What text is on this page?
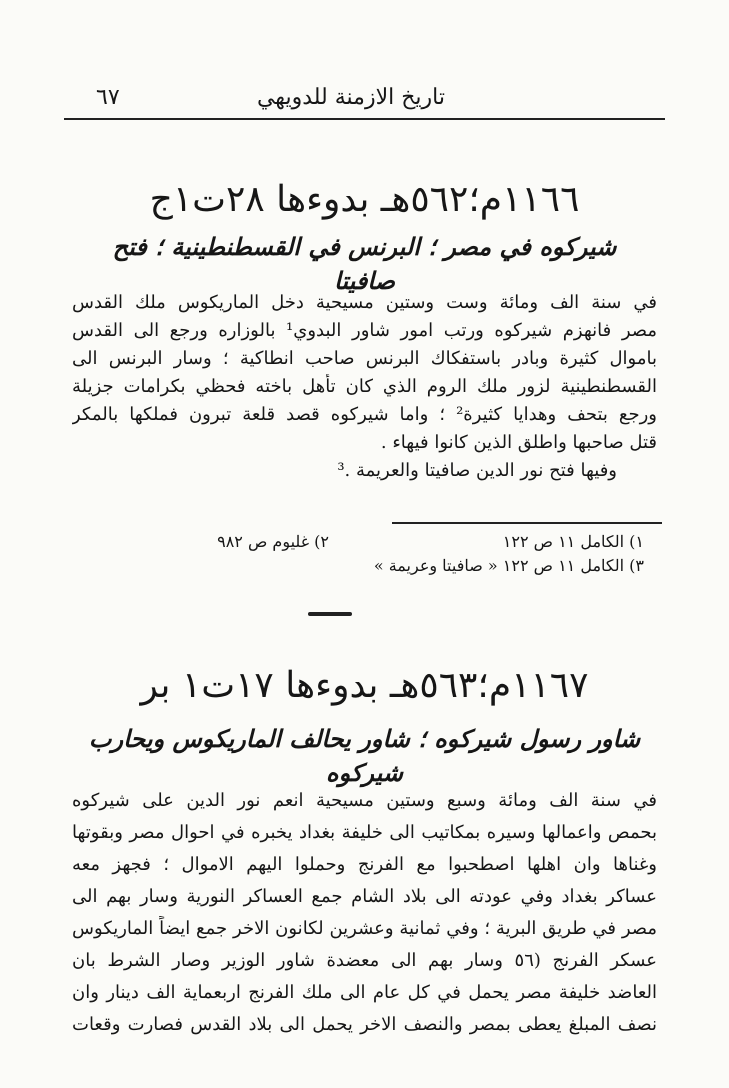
تاريخ الازمنة للدويهي
٦٧
١١٦٦م؛٥٦٢هـ بدوءها ٢٨ت١ج
شيركوه في مصر ؛ البرنس في القسطنطينية ؛ فتح صافيتا
في سنة الف ومائة وست وستين مسيحية دخل الماريكوس ملك القدس
مصر فانهزم شيركوه ورتب امور شاور البدوي¹ بالوزاره ورجع الى القدس
باموال كثيرة وبادر باستفكاك البرنس صاحب انطاكية ؛ وسار البرنس الى
القسطنطينية لزور ملك الروم الذي كان تأهل باخته فحظي بكرامات جزيلة
ورجع بتحف وهدايا كثيرة² ؛ واما شيركوه قصد قلعة تبرون فملكها بالمكر
قتل صاحبها واطلق الذين كانوا فيهاء .
وفيها فتح نور الدين صافيتا والعريمة .³
١) الكامل ١١ ص ١٢٢
٢) غليوم ص ٩٨٢
٣) الكامل ١١ ص ١٢٢ « صافيتا وعريمة »
١١٦٧م؛٥٦٣هـ بدوءها ١٧ت١ بر
شاور رسول شيركوه ؛ شاور يحالف الماريكوس ويحارب شيركوه
في سنة الف ومائة وسبع وستين مسيحية انعم نور الدين على شيركوه
بحمص واعمالها وسيره بمكاتيب الى خليفة بغداد يخبره في احوال مصر وبقوتها
وغناها وان اهلها اصطحبوا مع الفرنج وحملوا اليهم الاموال ؛ فجهز معه
عساكر بغداد وفي عودته الى بلاد الشام جمع العساكر النورية وسار بهم الى
مصر في طريق البرية ؛ وفي ثمانية وعشرين لكانون الاخر جمع ايضاً الماريكوس
عسكر الفرنج (٥٦ وسار بهم الى معضدة شاور الوزير وصار الشرط بان
العاضد خليفة مصر يحمل في كل عام الى ملك الفرنج اربعماية الف دينار وان
نصف المبلغ يعطى بمصر والنصف الاخر يحمل الى بلاد القدس فصارت وقعات
